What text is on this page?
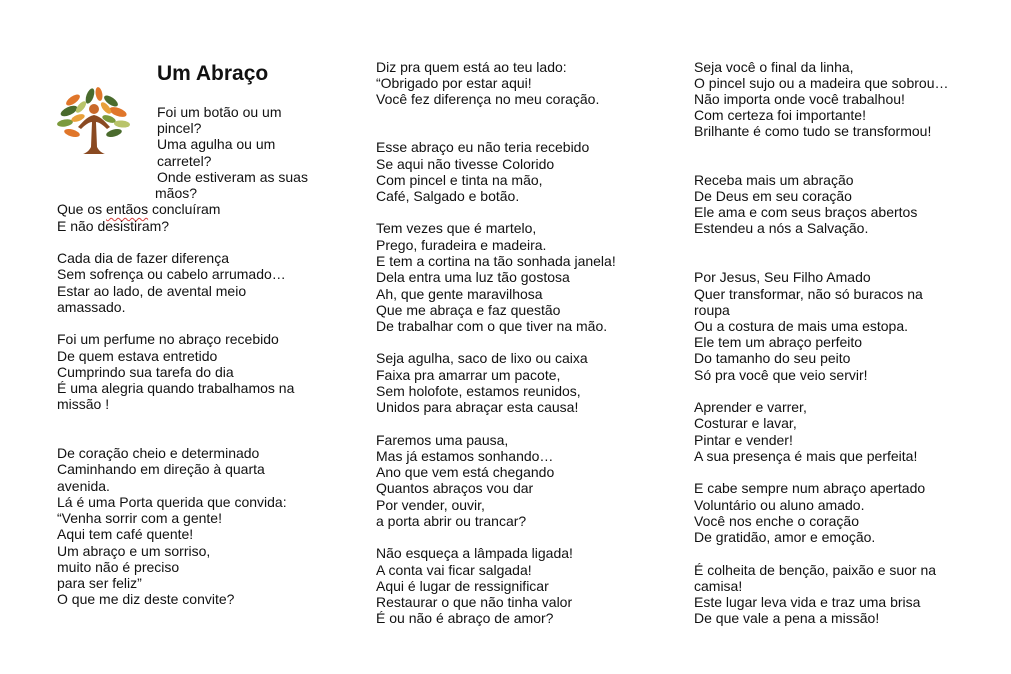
Um Abraço

Foi um botão ou um

pincel?

Uma agulha ou um

carretel?

Onde estiveram as suas

mãos?

Que os entãos concluíram

E não desistiram?

Cada dia de fazer diferença

Sem sofrença ou cabelo arrumado…

Estar ao lado, de avental meio

amassado.

Foi um perfume no abraço recebido

De quem estava entretido

Cumprindo sua tarefa do dia

É uma alegria quando trabalhamos na

missão !

De coração cheio e determinado

Caminhando em direção à quarta

avenida.

Lá é uma Porta querida que convida:

“Venha sorrir com a gente!

Aqui tem café quente!

Um abraço e um sorriso,

muito não é preciso

para ser feliz”

O que me diz deste convite?

Diz pra quem está ao teu lado:

“Obrigado por estar aqui!

Você fez diferença no meu coração.

Esse abraço eu não teria recebido

Se aqui não tivesse Colorido

Com pincel e tinta na mão,

Café, Salgado e botão.

Tem vezes que é martelo,

Prego, furadeira e madeira.

E tem a cortina na tão sonhada janela!

Dela entra uma luz tão gostosa

Ah, que gente maravilhosa

Que me abraça e faz questão

De trabalhar com o que tiver na mão.

Seja agulha, saco de lixo ou caixa

Faixa pra amarrar um pacote,

Sem holofote, estamos reunidos,

Unidos para abraçar esta causa!

Faremos uma pausa,

Mas já estamos sonhando…

Ano que vem está chegando

Quantos abraços vou dar

Por vender, ouvir,

a porta abrir ou trancar?

Não esqueça a lâmpada ligada!

A conta vai ficar salgada!

Aqui é lugar de ressignificar

Restaurar o que não tinha valor

É ou não é abraço de amor?

Seja você o final da linha,

O pincel sujo ou a madeira que sobrou…

Não importa onde você trabalhou!

Com certeza foi importante!

Brilhante é como tudo se transformou!

Receba mais um abração

De Deus em seu coração

Ele ama e com seus braços abertos

Estendeu a nós a Salvação.

Por Jesus, Seu Filho Amado

Quer transformar, não só buracos na

roupa

Ou a costura de mais uma estopa.

Ele tem um abraço perfeito

Do tamanho do seu peito

Só pra você que veio servir!

Aprender e varrer,

Costurar e lavar,

Pintar e vender!

A sua presença é mais que perfeita!

E cabe sempre num abraço apertado

Voluntário ou aluno amado.

Você nos enche o coração

De gratidão, amor e emoção.

É colheita de benção, paixão e suor na

camisa!

Este lugar leva vida e traz uma brisa

De que vale a pena a missão!
